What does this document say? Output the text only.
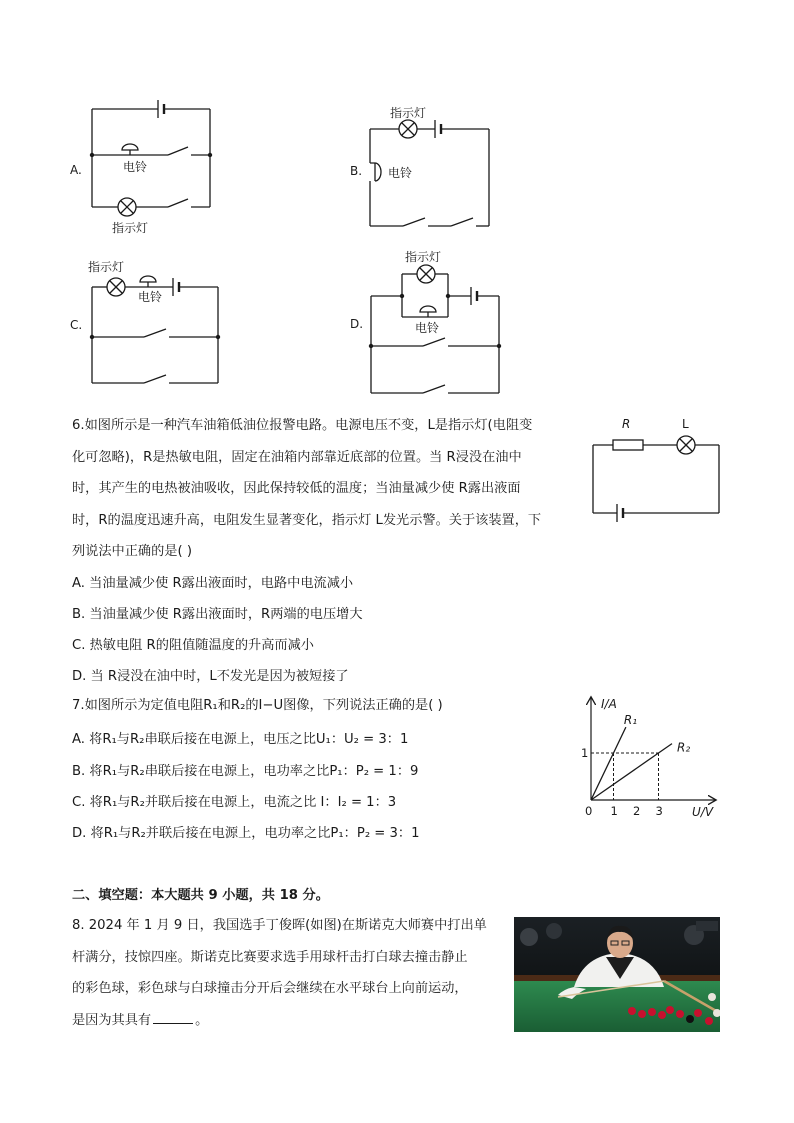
A.	电铃
指示灯
B. 电铃
指示灯
C.
电铃
指示灯
D.	电铃
指示灯
6.如图所示是一种汽车油箱低油位报警电路。电源电压不变，L是指示灯(电阻变
化可忽略)，R是热敏电阻，固定在油箱内部靠近底部的位置。当 R浸没在油中
时，其产生的电热被油吸收，因此保持较低的温度；当油量减少使 R露出液面
时，R的温度迅速升高，电阻发生显著变化，指示灯 L发光示警。关于该装置，下
列说法中正确的是( )
A. 当油量减少使 R露出液面时，电路中电流减小
B. 当油量减少使 R露出液面时，R两端的电压增大
C. 热敏电阻 R的阻值随温度的升高而减小
D. 当 R浸没在油中时，L不发光是因为被短接了
R	L
7.如图所示为定值电阻R₁和R₂的I−U图像，下列说法正确的是( )
A. 将R₁与R₂串联后接在电源上，电压之比U₁：U₂ = 3：1
B. 将R₁与R₂串联后接在电源上，电功率之比P₁：P₂ = 1：9
C. 将R₁与R₂并联后接在电源上，电流之比 I：I₂ = 1：3
D. 将R₁与R₂并联后接在电源上，电功率之比P₁：P₂ = 3：1
R₁
R₂
1 2 3
1
0	U/V
I/A
二、填空题：本大题共 9 小题，共 18 分。
8. 2024 年 1 月 9 日，我国选手丁俊晖(如图)在斯诺克大师赛中打出单
杆满分，技惊四座。斯诺克比赛要求选手用球杆击打白球去撞击静止
的彩色球，彩色球与白球撞击分开后会继续在水平球台上向前运动，
是因为其具有	。
